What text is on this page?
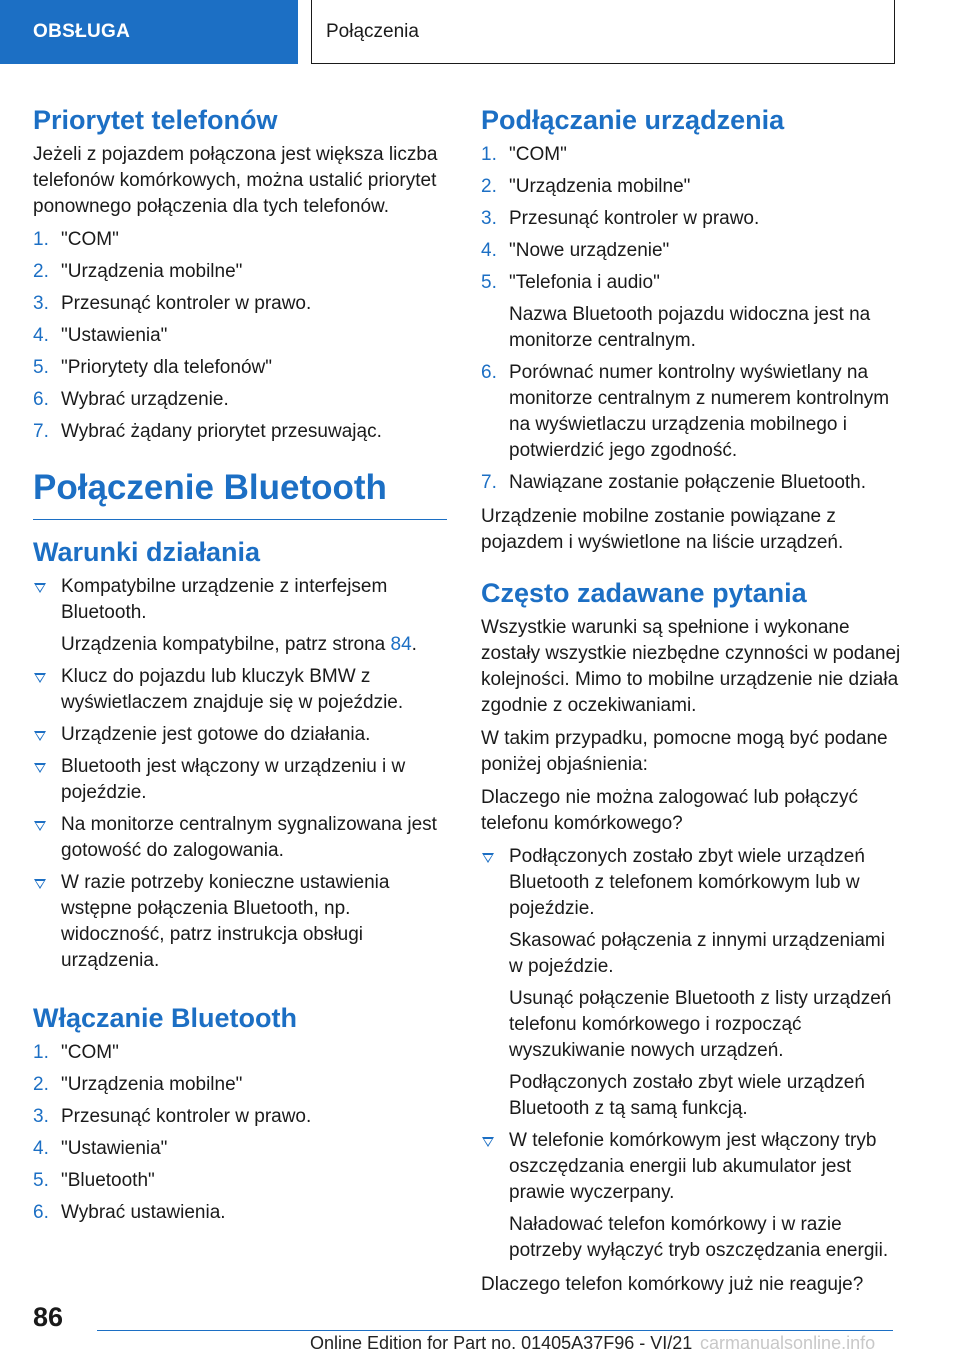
OBSŁUGA	Połączenia
Priorytet telefonów

Jeżeli z pojazdem połączona jest większa liczba telefonów komórkowych, można ustalić priorytet ponownego połączenia dla tych telefonów.

1. "COM"
2. "Urządzenia mobilne"
3. Przesunąć kontroler w prawo.
4. "Ustawienia"
5. "Priorytety dla telefonów"
6. Wybrać urządzenie.
7. Wybrać żądany priorytet przesuwając.
Połączenie Bluetooth
Warunki działania
Kompatybilne urządzenie z interfejsem Bluetooth.
Urządzenia kompatybilne, patrz strona 84.
Klucz do pojazdu lub kluczyk BMW z wyświetlaczem znajduje się w pojeździe.
Urządzenie jest gotowe do działania.
Bluetooth jest włączony w urządzeniu i w pojeździe.
Na monitorze centralnym sygnalizowana jest gotowość do zalogowania.
W razie potrzeby konieczne ustawienia wstępne połączenia Bluetooth, np. widoczność, patrz instrukcja obsługi urządzenia.
Włączanie Bluetooth
1. "COM"
2. "Urządzenia mobilne"
3. Przesunąć kontroler w prawo.
4. "Ustawienia"
5. "Bluetooth"
6. Wybrać ustawienia.
Podłączanie urządzenia
1. "COM"
2. "Urządzenia mobilne"
3. Przesunąć kontroler w prawo.
4. "Nowe urządzenie"
5. "Telefonia i audio"
Nazwa Bluetooth pojazdu widoczna jest na monitorze centralnym.
6. Porównać numer kontrolny wyświetlany na monitorze centralnym z numerem kontrolnym na wyświetlaczu urządzenia mobilnego i potwierdzić jego zgodność.
7. Nawiązane zostanie połączenie Bluetooth.

Urządzenie mobilne zostanie powiązane z pojazdem i wyświetlone na liście urządzeń.

Często zadawane pytania

Wszystkie warunki są spełnione i wykonane zostały wszystkie niezbędne czynności w podanej kolejności. Mimo to mobilne urządzenie nie działa zgodnie z oczekiwaniami.

W takim przypadku, pomocne mogą być podane poniżej objaśnienia:

Dlaczego nie można zalogować lub połączyć telefonu komórkowego?

Podłączonych zostało zbyt wiele urządzeń Bluetooth z telefonem komórkowym lub w pojeździe.
Skasować połączenia z innymi urządzeniami w pojeździe.
Usunąć połączenie Bluetooth z listy urządzeń telefonu komórkowego i rozpocząć wyszukiwanie nowych urządzeń.
Podłączonych zostało zbyt wiele urządzeń Bluetooth z tą samą funkcją.
W telefonie komórkowym jest włączony tryb oszczędzania energii lub akumulator jest prawie wyczerpany.
Naładować telefon komórkowy i w razie potrzeby wyłączyć tryb oszczędzania energii.

Dlaczego telefon komórkowy już nie reaguje?

86
Online Edition for Part no. 01405A37F96 - VI/21 carmanualsonline.info
